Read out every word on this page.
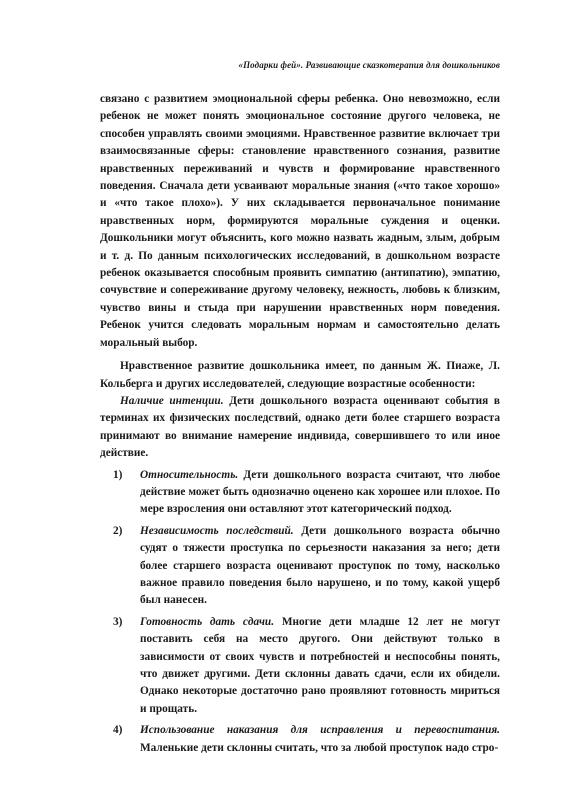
«Подарки фей». Развивающие сказкотерапия для дошкольников

связано с развитием эмоциональной сферы ребенка. Оно невозможно, если ребенок не может понять эмоциональное состояние другого человека, не способен управлять своими эмоциями. Нравственное развитие включает три взаимосвязанные сферы: становление нравственного сознания, развитие нравственных переживаний и чувств и формирование нравственного поведения. Сначала дети усваивают моральные знания («что такое хорошо» и «что такое плохо»). У них складывается первоначальное понимание нравственных норм, формируются моральные суждения и оценки. Дошкольники могут объяснить, кого можно назвать жадным, злым, добрым и т. д. По данным психологических исследований, в дошкольном возрасте ребенок оказывается способным проявить симпатию (антипатию), эмпатию, сочувствие и сопереживание другому человеку, нежность, любовь к близким, чувство вины и стыда при нарушении нравственных норм поведения. Ребенок учится следовать моральным нормам и самостоятельно делать моральный выбор.

Нравственное развитие дошкольника имеет, по данным Ж. Пиаже, Л. Кольберга и других исследователей, следующие возрастные особенности:

Наличие интенции. Дети дошкольного возраста оценивают события в терминах их физических последствий, однако дети более старшего возраста принимают во внимание намерение индивида, совершившего то или иное действие.

1) Относительность. Дети дошкольного возраста считают, что любое действие может быть однозначно оценено как хорошее или плохое. По мере взросления они оставляют этот категорический подход.
2) Независимость последствий. Дети дошкольного возраста обычно судят о тяжести проступка по серьезности наказания за него; дети более старшего возраста оценивают проступок по тому, насколько важное правило поведения было нарушено, и по тому, какой ущерб был нанесен.
3) Готовность дать сдачи. Многие дети младше 12 лет не могут поставить себя на место другого. Они действуют только в зависимости от своих чувств и потребностей и неспособны понять, что движет другими. Дети склонны давать сдачи, если их обидели. Однако некоторые достаточно рано проявляют готовность мириться и прощать.
4) Использование наказания для исправления и перевоспитания. Маленькие дети склонны считать, что за любой проступок надо стро-
